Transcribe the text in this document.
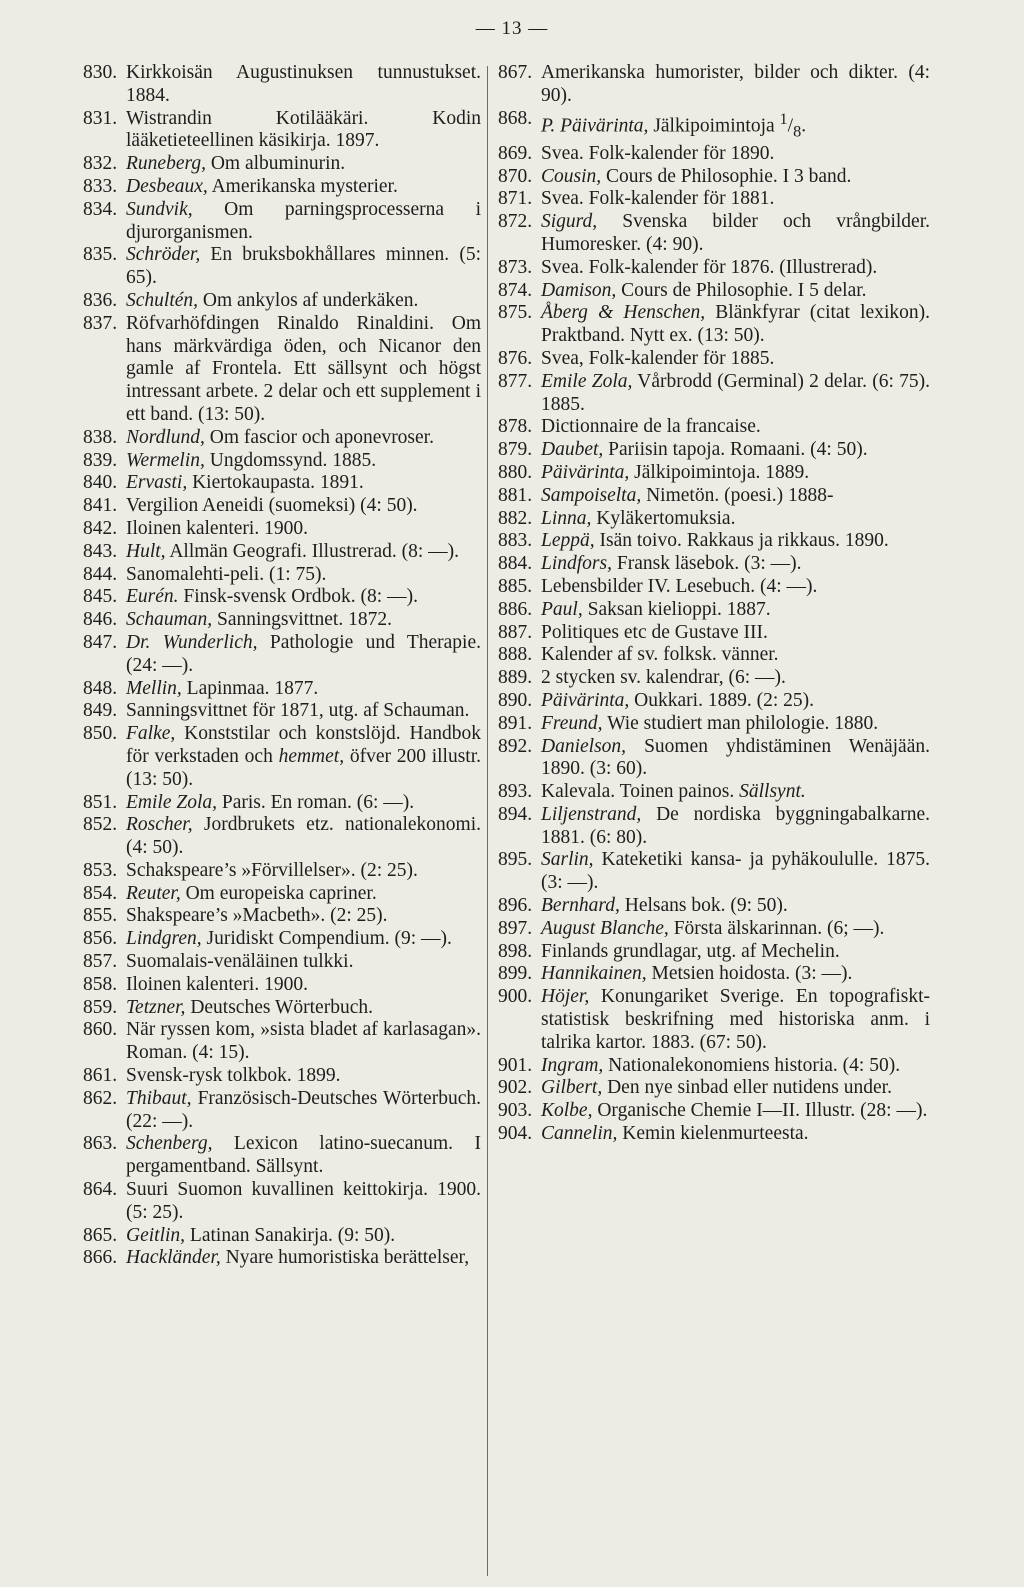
— 13 —
830. Kirkkoisän Augustinuksen tunnustukset. 1884.
831. Wistrandin Kotilääkäri. Kodin lääketieteellinen käsikirja. 1897.
832. Runeberg, Om albuminurin.
833. Desbeaux, Amerikanska mysterier.
834. Sundvik, Om parningsprocesserna i djurorganismen.
835. Schröder, En bruksbokhållares minnen. (5: 65).
836. Schultén, Om ankylos af underkäken.
837. Röfvarhöfdingen Rinaldo Rinaldini. Om hans märkvärdiga öden, och Nicanor den gamle af Frontela. Ett sällsynt och högst intressant arbete. 2 delar och ett supplement i ett band. (13: 50).
838. Nordlund, Om fascior och aponevroser.
839. Wermelin, Ungdomssynd. 1885.
840. Ervasti, Kiertokaupasta. 1891.
841. Vergilion Aeneidi (suomeksi) (4: 50).
842. Iloinen kalenteri. 1900.
843. Hult, Allmän Geografi. Illustrerad. (8: —).
844. Sanomalehti-peli. (1: 75).
845. Eurén. Finsk-svensk Ordbok. (8: —).
846. Schauman, Sanningsvittnet. 1872.
847. Dr. Wunderlich, Pathologie und Therapie. (24: —).
848. Mellin, Lapinmaa. 1877.
849. Sanningsvittnet för 1871, utg. af Schauman.
850. Falke, Konststilar och konstslöjd. Handbok för verkstaden och hemmet, öfver 200 illustr. (13: 50).
851. Emile Zola, Paris. En roman. (6: —).
852. Roscher, Jordbrukets etz. nationalekonomi. (4: 50).
853. Schakspeare’s »Förvillelser». (2: 25).
854. Reuter, Om europeiska capriner.
855. Shakspeare’s »Macbeth». (2: 25).
856. Lindgren, Juridiskt Compendium. (9: —).
857. Suomalais-venäläinen tulkki.
858. Iloinen kalenteri. 1900.
859. Tetzner, Deutsches Wörterbuch.
860. När ryssen kom, »sista bladet af karlasagan». Roman. (4: 15).
861. Svensk-rysk tolkbok. 1899.
862. Thibaut, Französisch-Deutsches Wörterbuch. (22: —).
863. Schenberg, Lexicon latino-suecanum. I pergamentband. Sällsynt.
864. Suuri Suomon kuvallinen keittokirja. 1900. (5: 25).
865. Geitlin, Latinan Sanakirja. (9: 50).
866. Hackländer, Nyare humoristiska berättelser,
867. Amerikanska humorister, bilder och dikter. (4: 90).
868. P. Päivärinta, Jälkipoimintoja $^1/_8$.
869. Svea. Folk-kalender för 1890.
870. Cousin, Cours de Philosophie. I 3 band.
871. Svea. Folk-kalender för 1881.
872. Sigurd, Svenska bilder och vrångbilder. Humoresker. (4: 90).
873. Svea. Folk-kalender för 1876. (Illustrerad).
874. Damison, Cours de Philosophie. I 5 delar.
875. Åberg & Henschen, Blänkfyrar (citat lexikon). Praktband. Nytt ex. (13: 50).
876. Svea, Folk-kalender för 1885.
877. Emile Zola, Vårbrodd (Germinal) 2 delar. (6: 75). 1885.
878. Dictionnaire de la francaise.
879. Daubet, Pariisin tapoja. Romaani. (4: 50).
880. Päivärinta, Jälkipoimintoja. 1889.
881. Sampoiselta, Nimetön. (poesi.) 1888-
882. Linna, Kyläkertomuksia.
883. Leppä, Isän toivo. Rakkaus ja rikkaus. 1890.
884. Lindfors, Fransk läsebok. (3: —).
885. Lebensbilder IV. Lesebuch. (4: —).
886. Paul, Saksan kielioppi. 1887.
887. Politiques etc de Gustave III.
888. Kalender af sv. folksk. vänner.
889. 2 stycken sv. kalendrar, (6: —).
890. Päivärinta, Oukkari. 1889. (2: 25).
891. Freund, Wie studiert man philologie. 1880.
892. Danielson, Suomen yhdistäminen Wenäjään. 1890. (3: 60).
893. Kalevala. Toinen painos. Sällsynt.
894. Liljenstrand, De nordiska byggningabalkarne. 1881. (6: 80).
895. Sarlin, Kateketiki kansa- ja pyhäkoululle. 1875. (3: —).
896. Bernhard, Helsans bok. (9: 50).
897. August Blanche, Första älskarinnan. (6; —).
898. Finlands grundlagar, utg. af Mechelin.
899. Hannikainen, Metsien hoidosta. (3: —).
900. Höjer, Konungariket Sverige. En topografiskt-statistisk beskrifning med historiska anm. i talrika kartor. 1883. (67: 50).
901. Ingram, Nationalekonomiens historia. (4: 50).
902. Gilbert, Den nye sinbad eller nutidens under.
903. Kolbe, Organische Chemie I—II. Illustr. (28: —).
904. Cannelin, Kemin kielenmurteesta.
